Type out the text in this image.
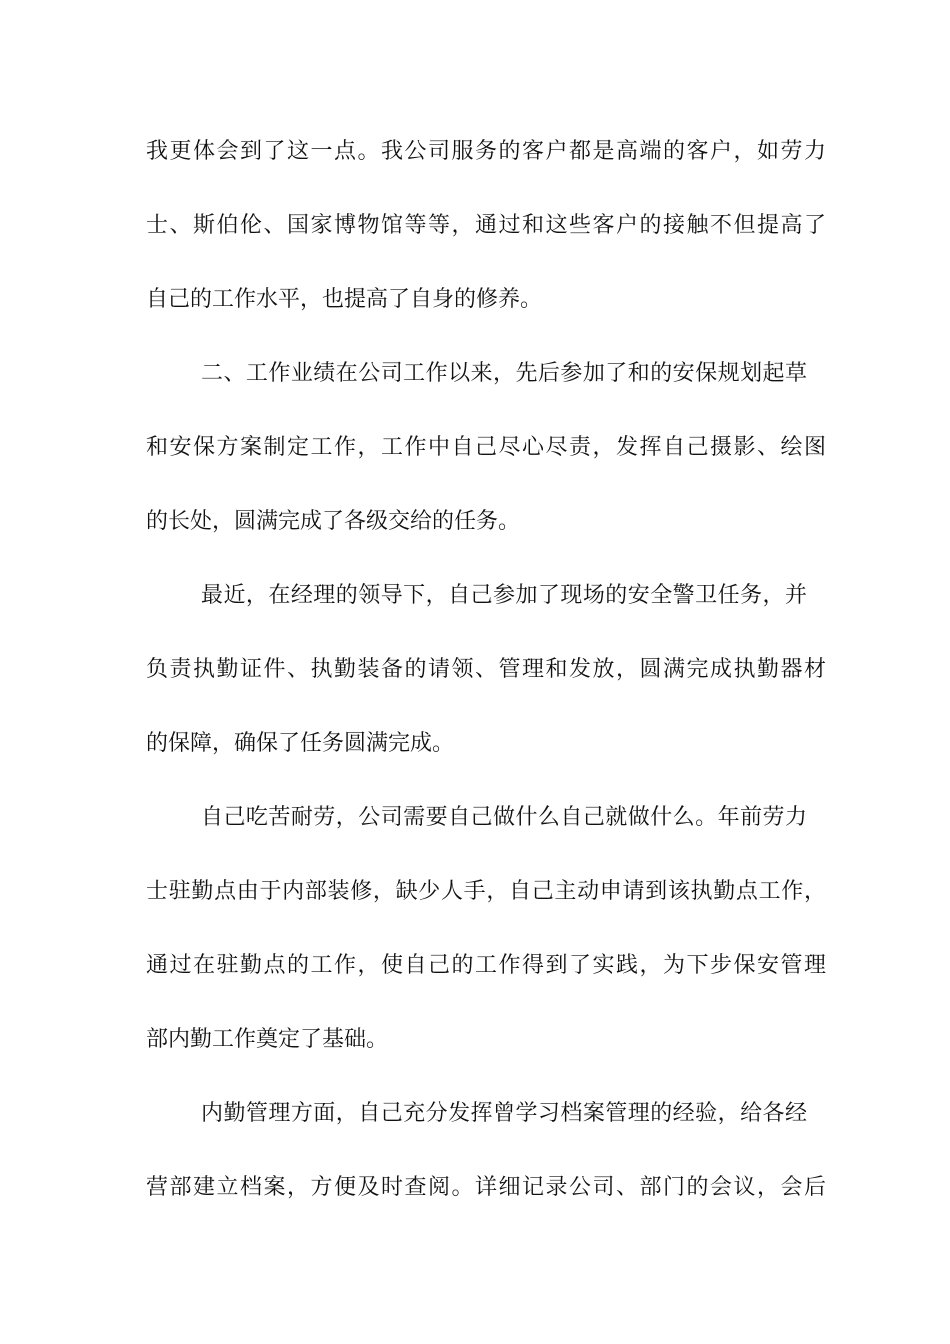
我更体会到了这一点。我公司服务的客户都是高端的客户，如劳力
士、斯伯伦、国家博物馆等等，通过和这些客户的接触不但提高了
自己的工作水平，也提高了自身的修养。
二、工作业绩在公司工作以来，先后参加了和的安保规划起草
和安保方案制定工作，工作中自己尽心尽责，发挥自己摄影、绘图
的长处，圆满完成了各级交给的任务。
最近，在经理的领导下，自己参加了现场的安全警卫任务，并
负责执勤证件、执勤装备的请领、管理和发放，圆满完成执勤器材
的保障，确保了任务圆满完成。
自己吃苦耐劳，公司需要自己做什么自己就做什么。年前劳力
士驻勤点由于内部装修，缺少人手，自己主动申请到该执勤点工作，
通过在驻勤点的工作，使自己的工作得到了实践，为下步保安管理
部内勤工作奠定了基础。
内勤管理方面，自己充分发挥曾学习档案管理的经验，给各经
营部建立档案，方便及时查阅。详细记录公司、部门的会议，会后
